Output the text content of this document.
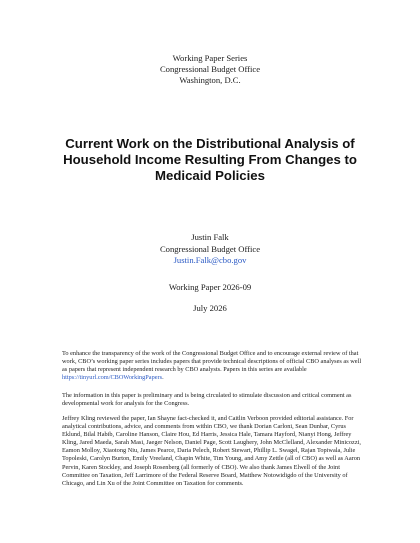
Working Paper Series
Congressional Budget Office
Washington, D.C.
Current Work on the Distributional Analysis of
Household Income Resulting From Changes to
Medicaid Policies
Justin Falk
Congressional Budget Office
Justin.Falk@cbo.gov
Working Paper 2026-09
July 2026

To enhance the transparency of the work of the Congressional Budget Office and to encourage external review of that work, CBO’s working paper series includes papers that provide technical descriptions of official CBO analyses as well as papers that represent independent research by CBO analysts. Papers in this series are available https://tinyurl.com/CBOWorkingPapers.

The information in this paper is preliminary and is being circulated to stimulate discussion and critical comment as developmental work for analysis for the Congress.

Jeffrey Kling reviewed the paper, Ian Shayne fact-checked it, and Caitlin Verboon provided editorial assistance. For analytical contributions, advice, and comments from within CBO, we thank Dorian Carloni, Sean Dunbar, Cyrus Eklund, Bilal Habib, Caroline Hanson, Claire Hou, Ed Harris, Jessica Hale, Tamara Hayford, Nianyi Hong, Jeffrey Kling, Jared Maeda, Sarah Masi, Jaeger Nelson, Daniel Page, Scott Laughery, John McClelland, Alexander Minicozzi, Eamon Molloy, Xiaotong Niu, James Pearce, Daria Pelech, Robert Stewart, Phillip L. Swagel, Rajan Topiwala, Julie Topoleski, Carolyn Burton, Emily Vreeland, Chapin White, Tim Young, and Amy Zettle (all of CBO) as well as Aaron Pervin, Karen Stockley, and Joseph Rosenberg (all formerly of CBO). We also thank James Elwell of the Joint Committee on Taxation, Jeff Larrimore of the Federal Reserve Board, Matthew Notowidigdo of the University of Chicago, and Lin Xu of the Joint Committee on Taxation for comments.
